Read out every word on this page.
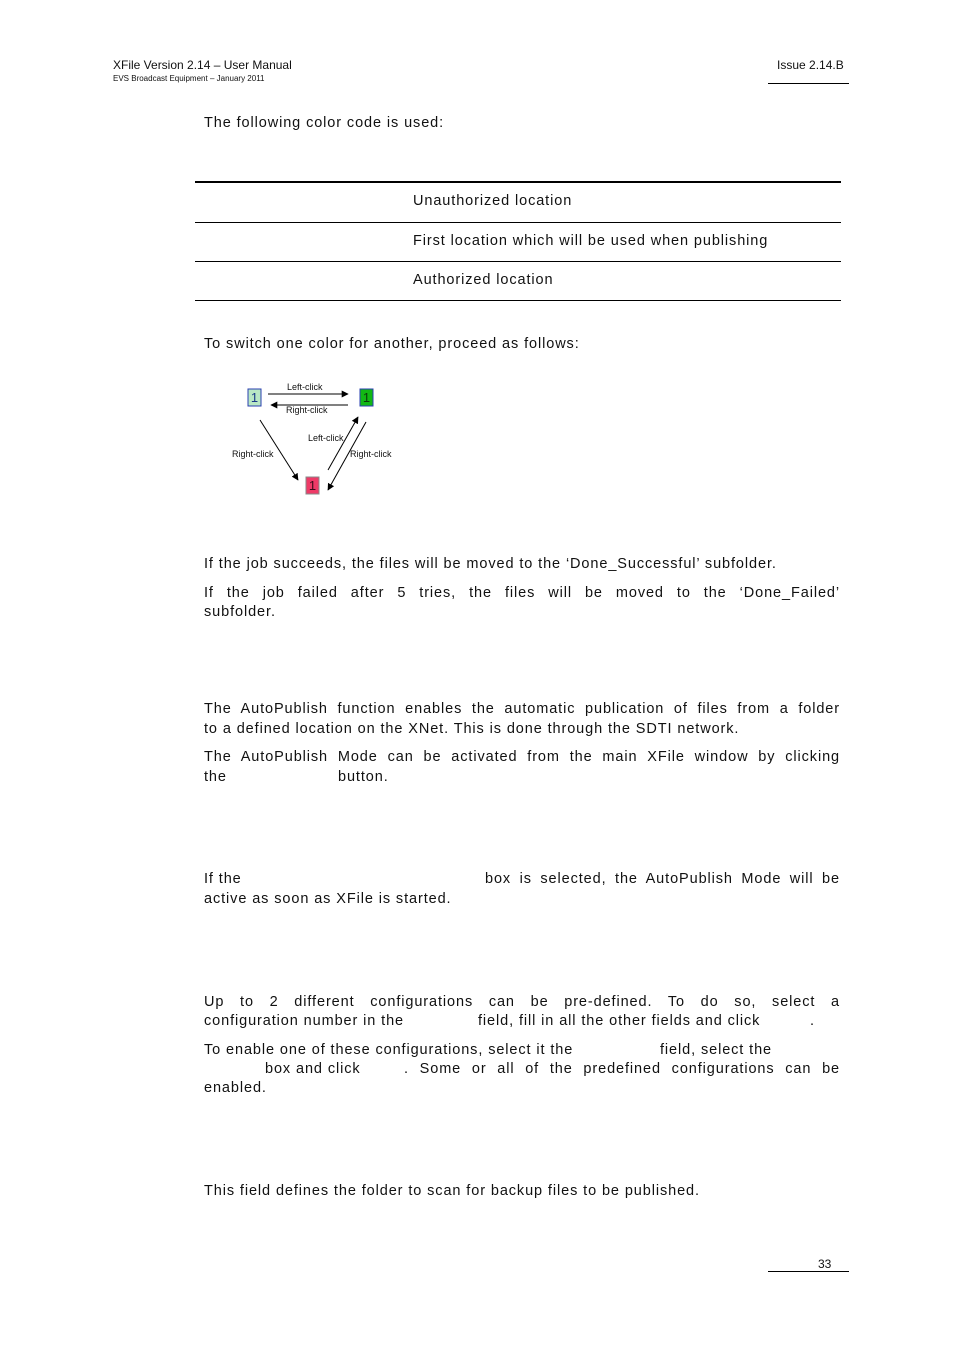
XFile Version 2.14 – User Manual
EVS Broadcast Equipment – January 2011
Issue 2.14.B
The following color code is used:
Unauthorized location
First location which will be used when publishing
Authorized location
To switch one color for another, proceed as follows:
1	1
1
Left-click
Right-click
Right-click
Left-click
Right-click
If the job succeeds, the files will be moved to the ‘Done_Successful’ subfolder.
If the job failed after 5 tries, the files will be moved to the ‘Done_Failed’
subfolder.
The AutoPublish function enables the automatic publication of files from a folder
to a defined location on the XNet. This is done through the SDTI network.
The AutoPublish Mode can be activated from the main XFile window by clicking
the	button.
If the	box is selected, the AutoPublish Mode will be
active as soon as XFile is started.
Up to 2 different configurations can be pre-defined. To do so, select a
configuration number in the	field, fill in all the other fields and click	.
To enable one of these configurations, select it the	field, select the
box and click	. Some or all of the predefined configurations can be
enabled.
This field defines the folder to scan for backup files to be published.
33
